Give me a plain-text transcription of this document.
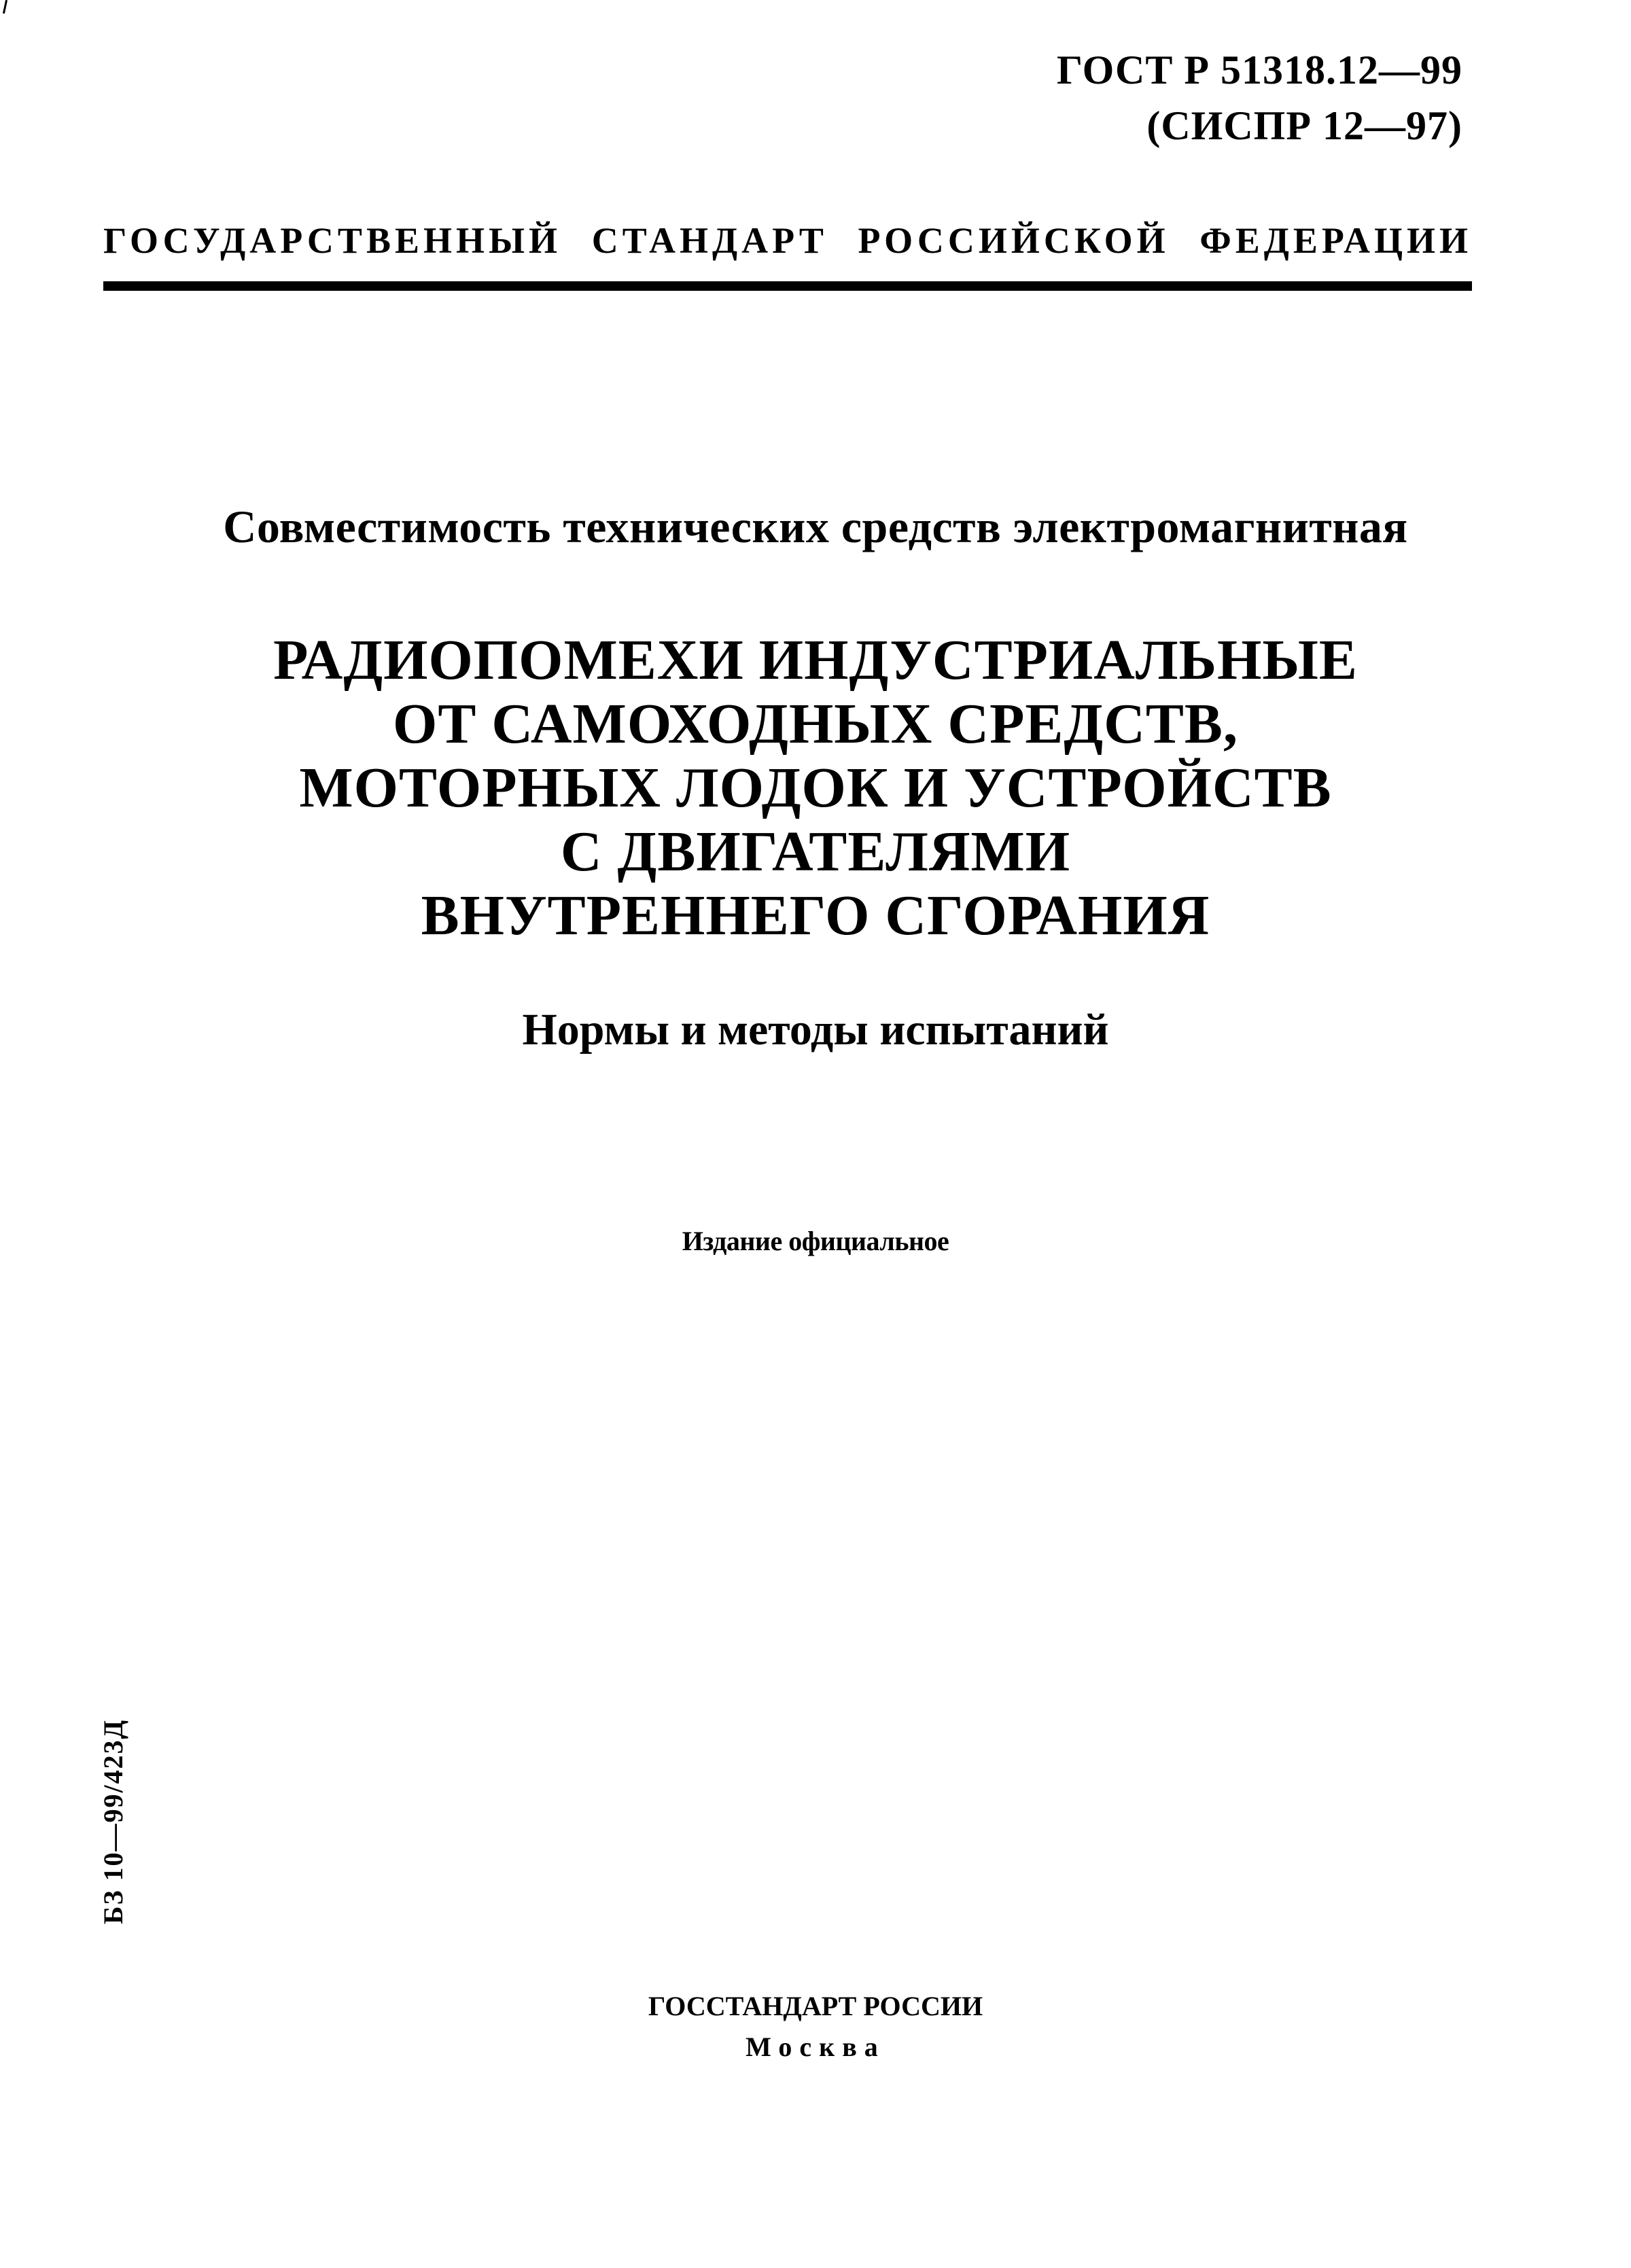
ГОСТ Р 51318.12—99
(СИСПР 12—97)
ГОСУДАРСТВЕННЫЙ СТАНДАРТ РОССИЙСКОЙ ФЕДЕРАЦИИ
Совместимость технических средств электромагнитная
РАДИОПОМЕХИ ИНДУСТРИАЛЬНЫЕ
ОТ САМОХОДНЫХ СРЕДСТВ,
МОТОРНЫХ ЛОДОК И УСТРОЙСТВ
С ДВИГАТЕЛЯМИ
ВНУТРЕННЕГО СГОРАНИЯ
Нормы и методы испытаний
Издание официальное
БЗ 10—99/423Д
ГОССТАНДАРТ РОССИИ
Москва
